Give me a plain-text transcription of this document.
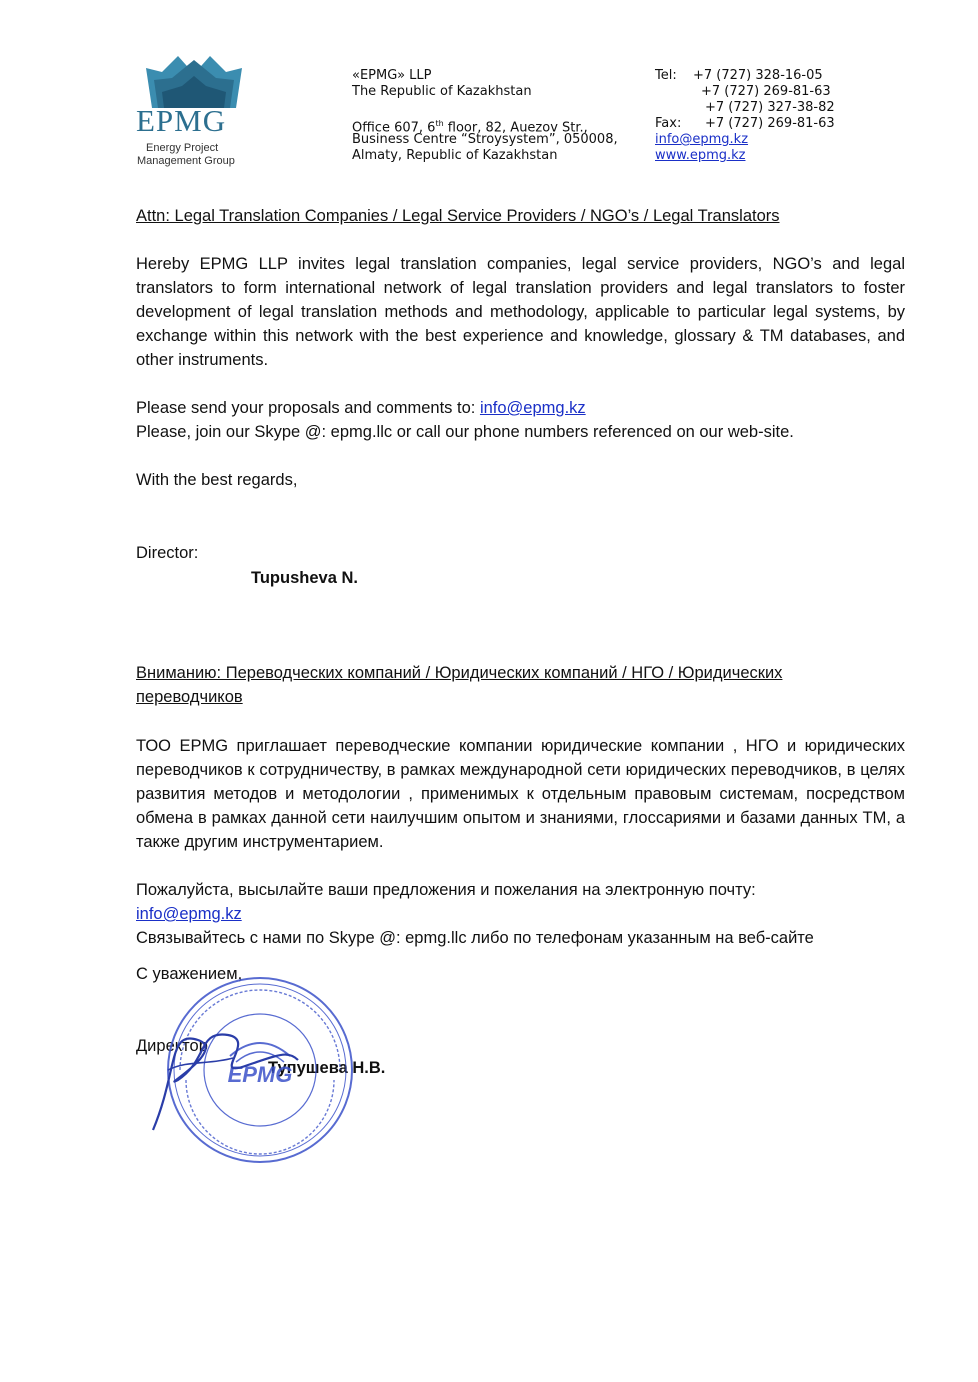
EPMG
Energy Project
Management Group
«EPMG» LLP
The Republic of Kazakhstan
Office 607, 6th floor, 82, Auezov Str.,
Business Centre “Stroysystem”, 050008,
Almaty, Republic of Kazakhstan
Tel: +7 (727) 328-16-05
+7 (727) 269-81-63
+7 (727) 327-38-82
Fax: +7 (727) 269-81-63
info@epmg.kz
www.epmg.kz
Attn: Legal Translation Companies / Legal Service Providers / NGO’s / Legal Translators
Hereby EPMG LLP invites legal translation companies, legal service providers, NGO’s and legal translators to form international network of legal translation providers and legal translators to foster development of legal translation methods and methodology, applicable to particular legal systems, by exchange within this network with the best experience and knowledge, glossary & TM databases, and other instruments.
Please send your proposals and comments to: info@epmg.kz
Please, join our Skype @: epmg.llc or call our phone numbers referenced on our web-site.
With the best regards,
Director:
Tupusheva N.
Вниманию: Переводческих компаний / Юридических компаний / НГО / Юридических
переводчиков
ТОО EPMG приглашает переводческие компании юридические компании , НГО и юридических переводчиков к сотрудничеству, в рамках международной сети юридических переводчиков, в целях развития методов и методологии , применимых к отдельным правовым системам, посредством обмена в рамках данной сети наилучшим опытом и знаниями, глоссариями и базами данных ТМ, а также другим инструментарием.
Пожалуйста, высылайте ваши предложения и пожелания на электронную почту:
info@epmg.kz
Связывайтесь с нами по Skype @: epmg.llc либо по телефонам указанным на веб-сайте
С уважением,
Директор
Тупушева Н.В.
EPMG
